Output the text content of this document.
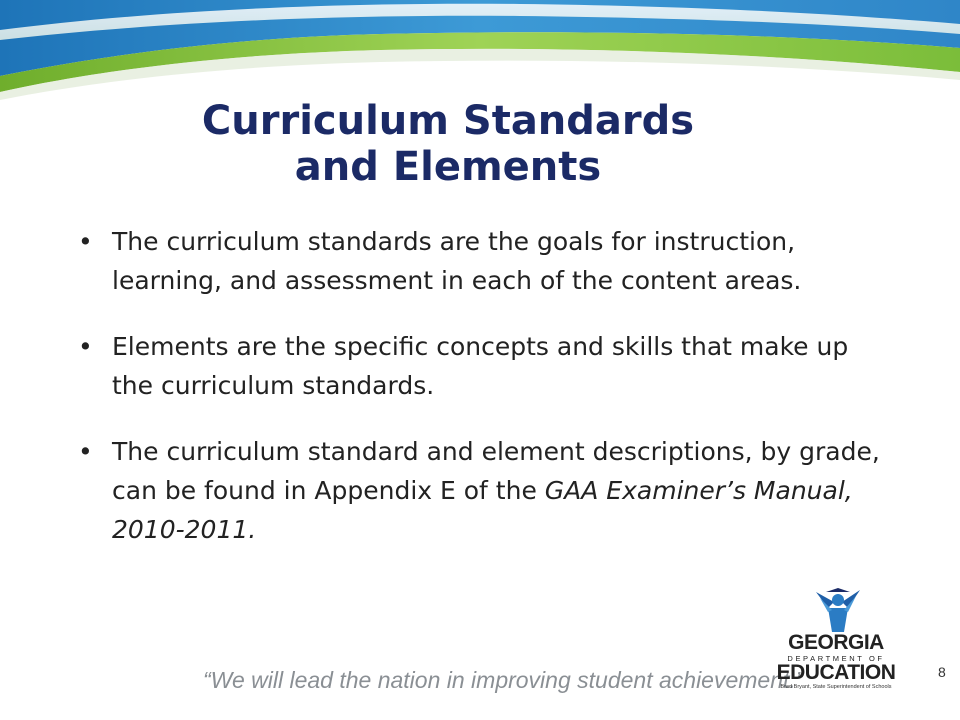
Curriculum Standards
and Elements
• The curriculum standards are the goals for instruction, learning, and assessment in each of the content areas.
• Elements are the specific concepts and skills that make up the curriculum standards.
• The curriculum standard and element descriptions, by grade, can be found in Appendix E of the GAA Examiner’s Manual, 2010-2011.
“We will lead the nation in improving student achievement.”
GEORGIA
DEPARTMENT OF
EDUCATION
Brad Bryant, State Superintendent of Schools
8
